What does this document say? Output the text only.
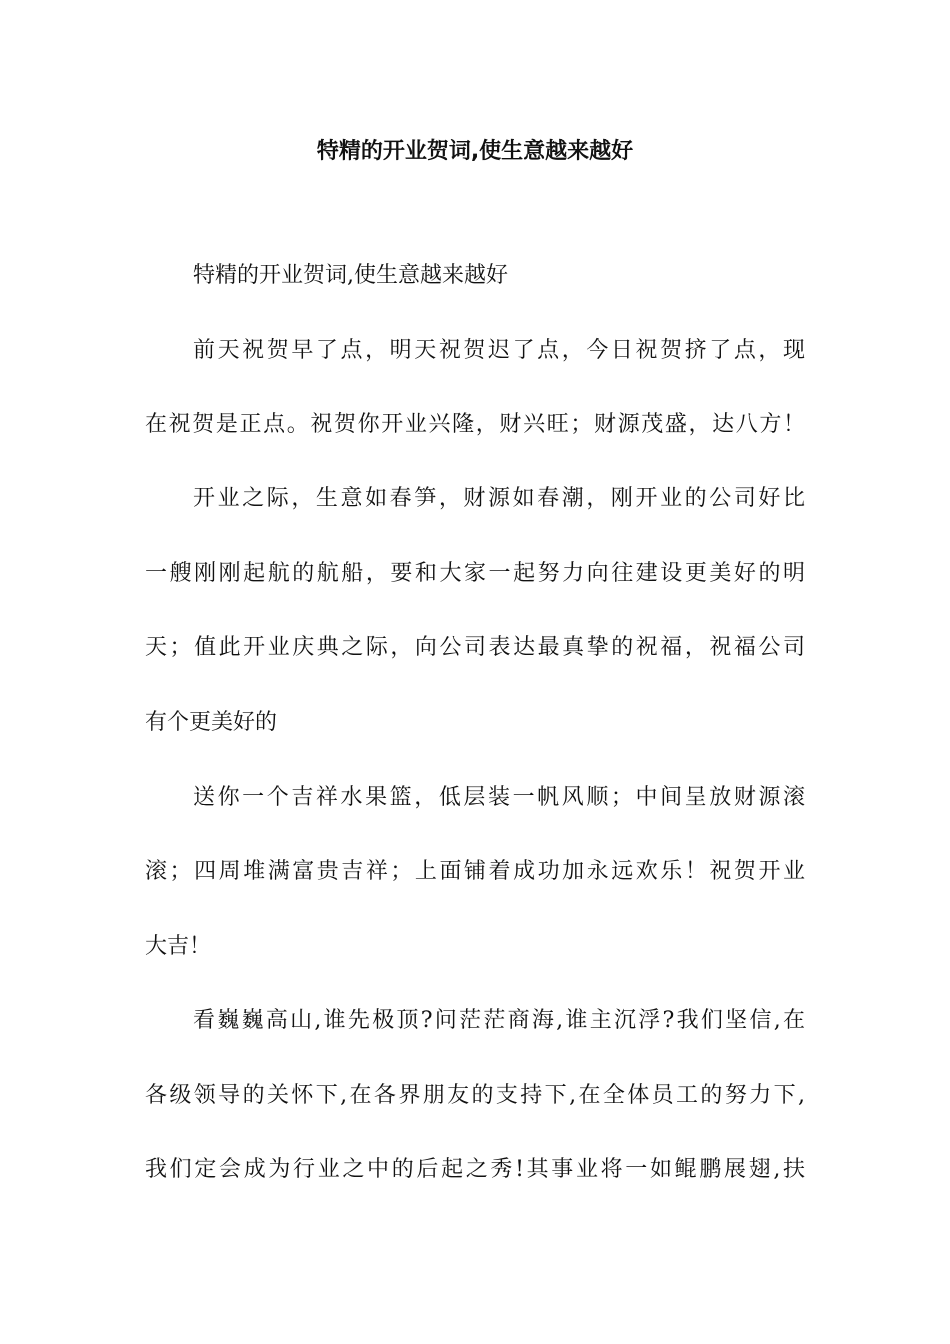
特精的开业贺词,使生意越来越好
特精的开业贺词,使生意越来越好
前天祝贺早了点，明天祝贺迟了点，今日祝贺挤了点，现
在祝贺是正点。祝贺你开业兴隆，财兴旺；财源茂盛，达八方！
开业之际，生意如春笋，财源如春潮，刚开业的公司好比
一艘刚刚起航的航船，要和大家一起努力向往建设更美好的明
天；值此开业庆典之际，向公司表达最真挚的祝福，祝福公司
有个更美好的
送你一个吉祥水果篮，低层装一帆风顺；中间呈放财源滚
滚；四周堆满富贵吉祥；上面铺着成功加永远欢乐！祝贺开业
大吉！
看巍巍高山,谁先极顶?问茫茫商海,谁主沉浮?我们坚信,在
各级领导的关怀下,在各界朋友的支持下,在全体员工的努力下,
我们定会成为行业之中的后起之秀!其事业将一如鲲鹏展翅,扶
